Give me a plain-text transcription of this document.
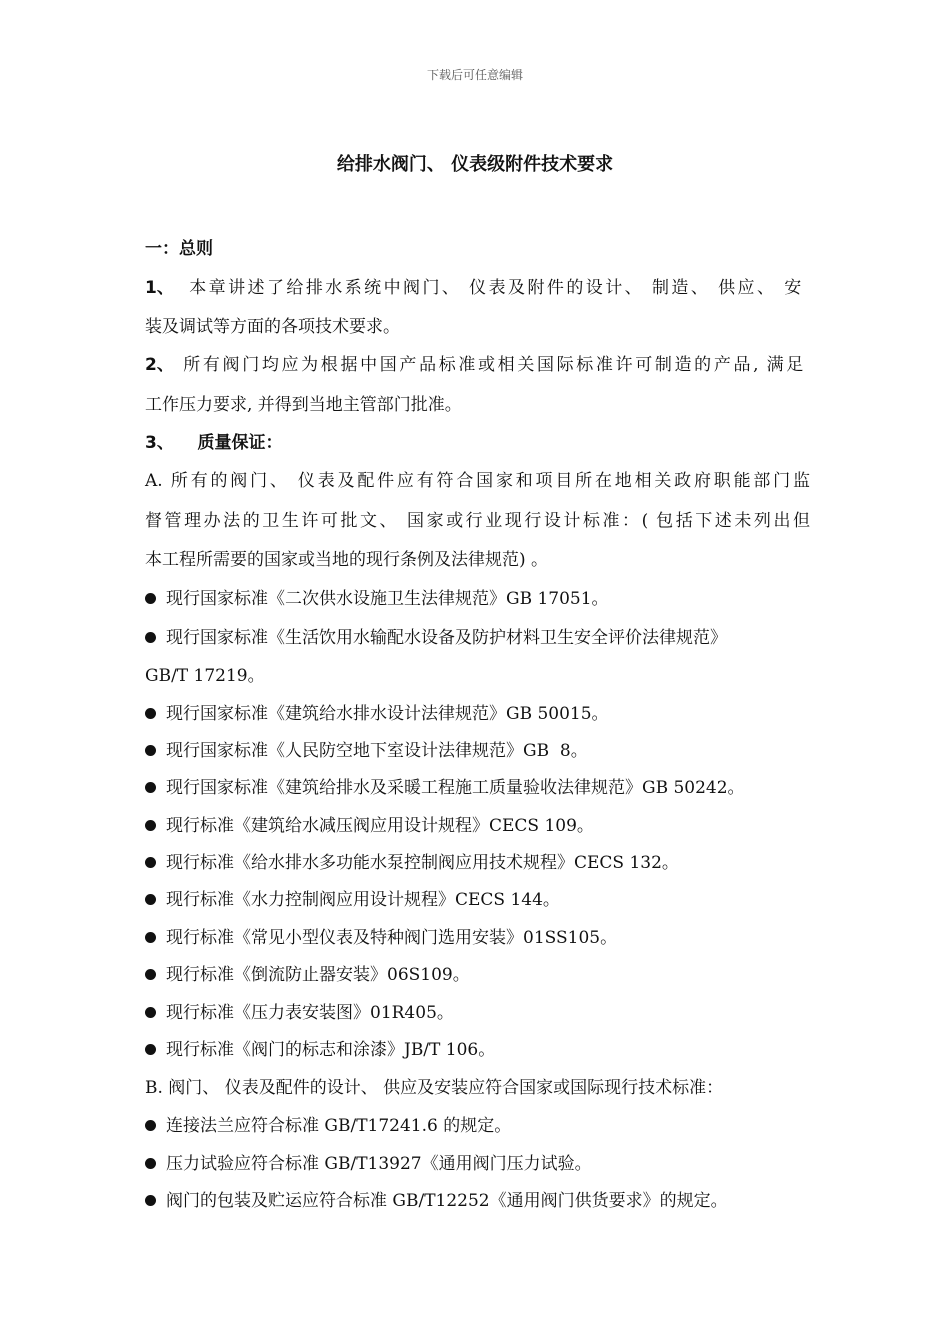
下载后可任意编辑
给排水阀门、 仪表级附件技术要求
一：总则
1、 本章讲述了给排水系统中阀门、 仪表及附件的设计、 制造、 供应、 安
装及调试等方面的各项技术要求。
2、 所有阀门均应为根据中国产品标准或相关国际标准许可制造的产品, 满足
工作压力要求, 并得到当地主管部门批准。
3、    质量保证：
A. 所有的阀门、 仪表及配件应有符合国家和项目所在地相关政府职能部门监
督管理办法的卫生许可批文、 国家或行业现行设计标准：( 包括下述未列出但
本工程所需要的国家或当地的现行条例及法律规范) 。
现行国家标准《二次供水设施卫生法律规范》GB 17051。
现行国家标准《生活饮用水输配水设备及防护材料卫生安全评价法律规范》
GB/T 17219。
现行国家标准《建筑给水排水设计法律规范》GB 50015。
现行国家标准《人民防空地下室设计法律规范》GB  8。
现行国家标准《建筑给排水及采暖工程施工质量验收法律规范》GB 50242。
现行标准《建筑给水减压阀应用设计规程》CECS 109。
现行标准《给水排水多功能水泵控制阀应用技术规程》CECS 132。
现行标准《水力控制阀应用设计规程》CECS 144。
现行标准《常见小型仪表及特种阀门选用安装》01SS105。
现行标准《倒流防止器安装》06S109。
现行标准《压力表安装图》01R405。
现行标准《阀门的标志和涂漆》JB/T 106。
B. 阀门、 仪表及配件的设计、 供应及安装应符合国家或国际现行技术标准：
连接法兰应符合标准 GB/T17241.6 的规定。
压力试验应符合标准 GB/T13927《通用阀门压力试验。
阀门的包装及贮运应符合标准 GB/T12252《通用阀门供货要求》的规定。
